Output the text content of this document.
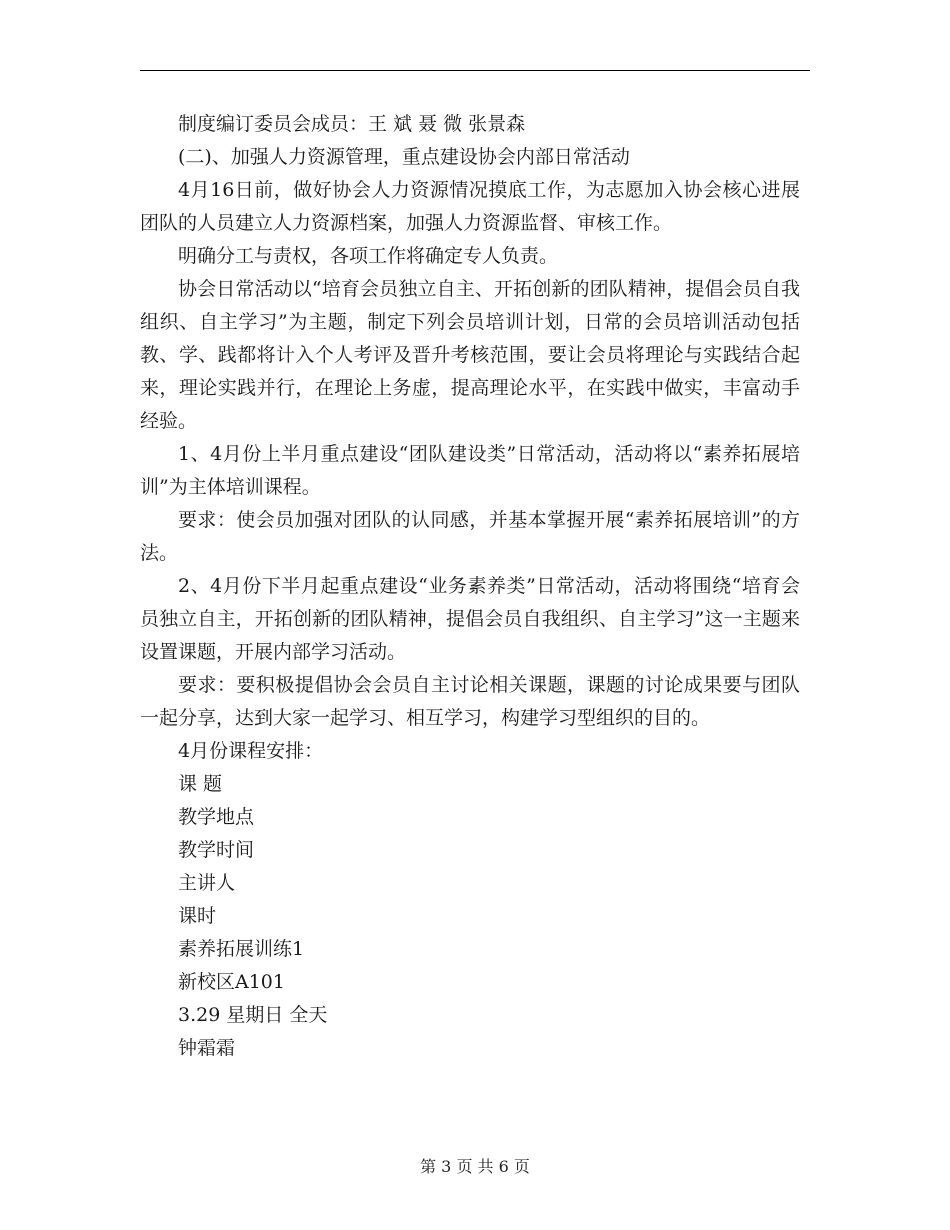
制度编订委员会成员：王 斌 聂 微 张景森

(二)、加强人力资源管理，重点建设协会内部日常活动

4月16日前，做好协会人力资源情况摸底工作，为志愿加入协会核心进展团队的人员建立人力资源档案，加强人力资源监督、审核工作。

明确分工与责权，各项工作将确定专人负责。

协会日常活动以“培育会员独立自主、开拓创新的团队精神，提倡会员自我组织、自主学习”为主题，制定下列会员培训计划，日常的会员培训活动包括教、学、践都将计入个人考评及晋升考核范围，要让会员将理论与实践结合起来，理论实践并行，在理论上务虚，提高理论水平，在实践中做实，丰富动手经验。

1、4月份上半月重点建设“团队建设类”日常活动，活动将以“素养拓展培训”为主体培训课程。

要求：使会员加强对团队的认同感，并基本掌握开展“素养拓展培训”的方法。

2、4月份下半月起重点建设“业务素养类”日常活动，活动将围绕“培育会员独立自主，开拓创新的团队精神，提倡会员自我组织、自主学习”这一主题来设置课题，开展内部学习活动。

要求：要积极提倡协会会员自主讨论相关课题，课题的讨论成果要与团队一起分享，达到大家一起学习、相互学习，构建学习型组织的目的。

4月份课程安排：

课 题

教学地点

教学时间

主讲人

课时

素养拓展训练1

新校区A101

3.29 星期日 全天

钟霜霜

第 3 页 共 6 页
